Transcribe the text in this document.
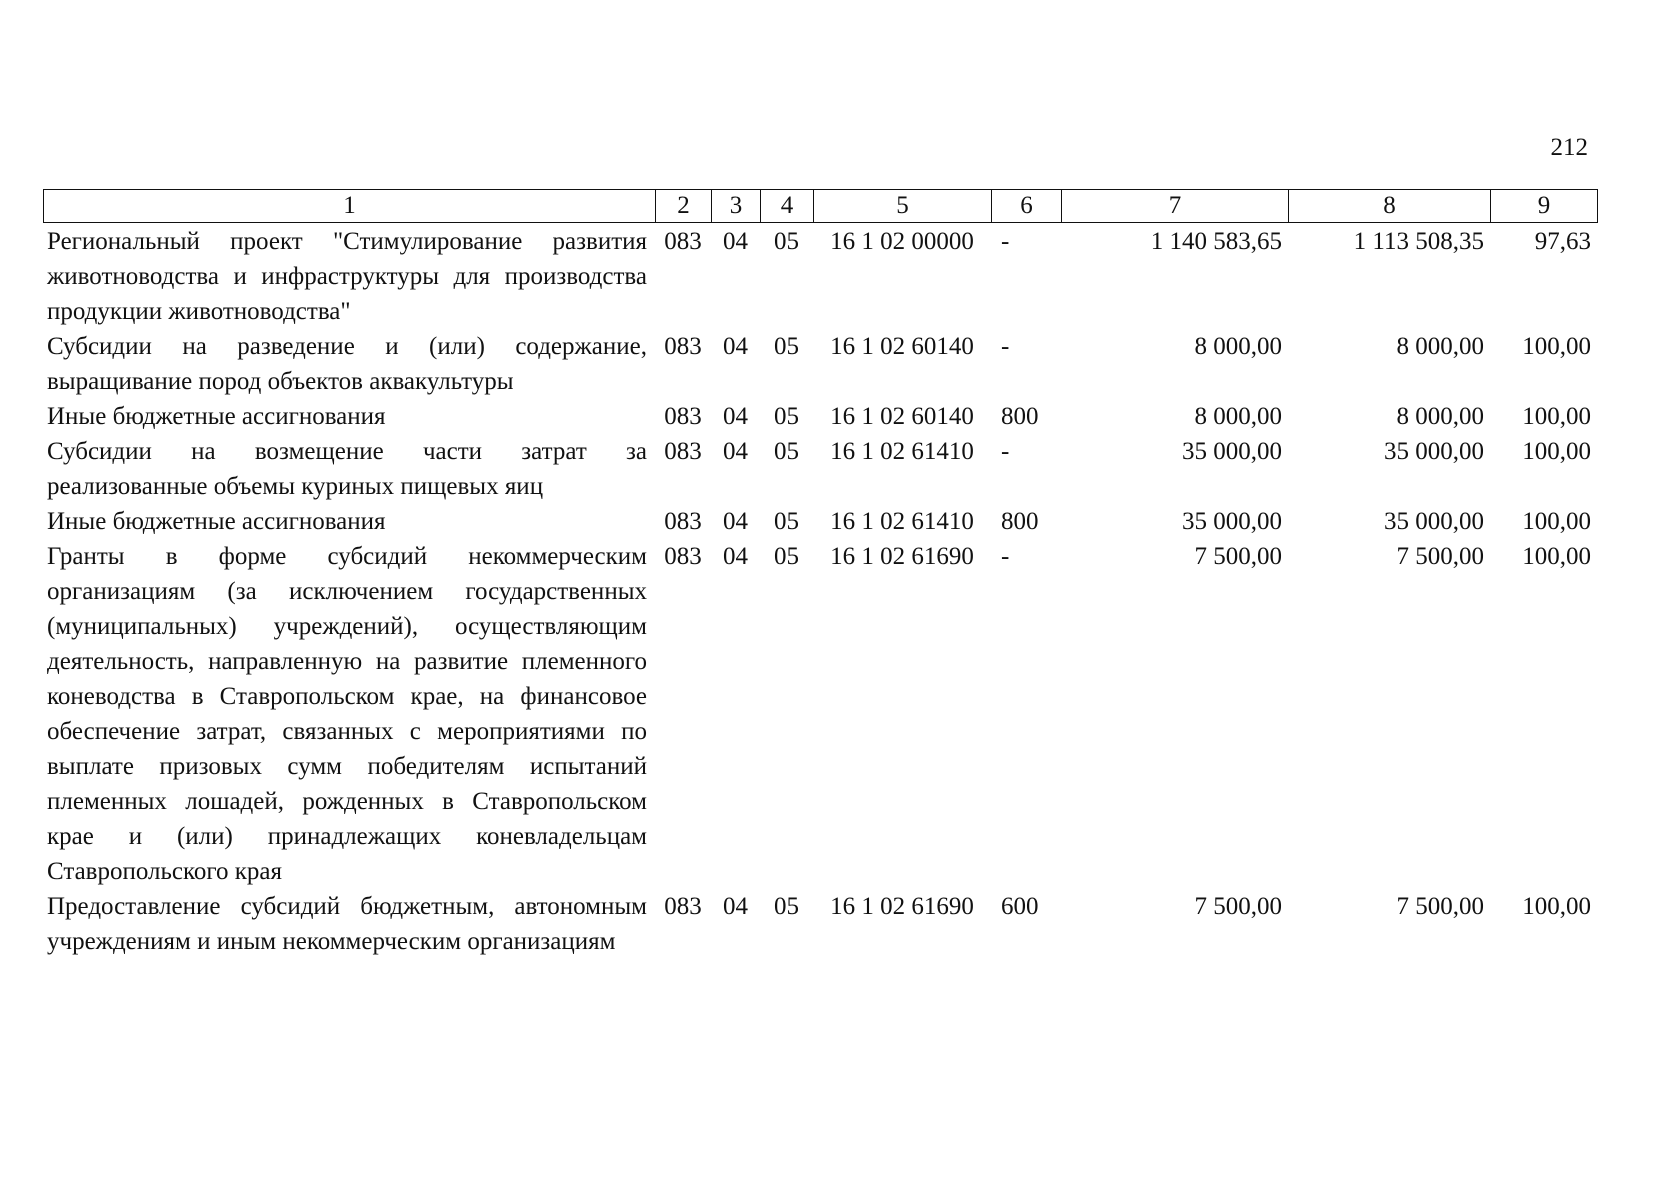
212
1	2	3	4	5	6	7	8	9
Региональный проект "Стимулирование развития животноводства и инфраструктуры для производства продукции животноводства"	083	04	05	16 1 02 00000	-	1 140 583,65	1 113 508,35	97,63
Субсидии на разведение и (или) содержание, выращивание пород объектов аквакультуры	083	04	05	16 1 02 60140	-	8 000,00	8 000,00	100,00
Иные бюджетные ассигнования	083	04	05	16 1 02 60140	800	8 000,00	8 000,00	100,00
Субсидии на возмещение части затрат за реализованные объемы куриных пищевых яиц	083	04	05	16 1 02 61410	-	35 000,00	35 000,00	100,00
Иные бюджетные ассигнования	083	04	05	16 1 02 61410	800	35 000,00	35 000,00	100,00
Гранты в форме субсидий некоммерческим организациям (за исключением государственных (муниципальных) учреждений), осуществляющим деятельность, направленную на развитие племенного коневодства в Ставропольском крае, на финансовое обеспечение затрат, связанных с мероприятиями по выплате призовых сумм победителям испытаний племенных лошадей, рожденных в Ставропольском крае и (или) принадлежащих коневладельцам Ставропольского края	083	04	05	16 1 02 61690	-	7 500,00	7 500,00	100,00
Предоставление субсидий бюджетным, автономным учреждениям и иным некоммерческим организациям	083	04	05	16 1 02 61690	600	7 500,00	7 500,00	100,00
